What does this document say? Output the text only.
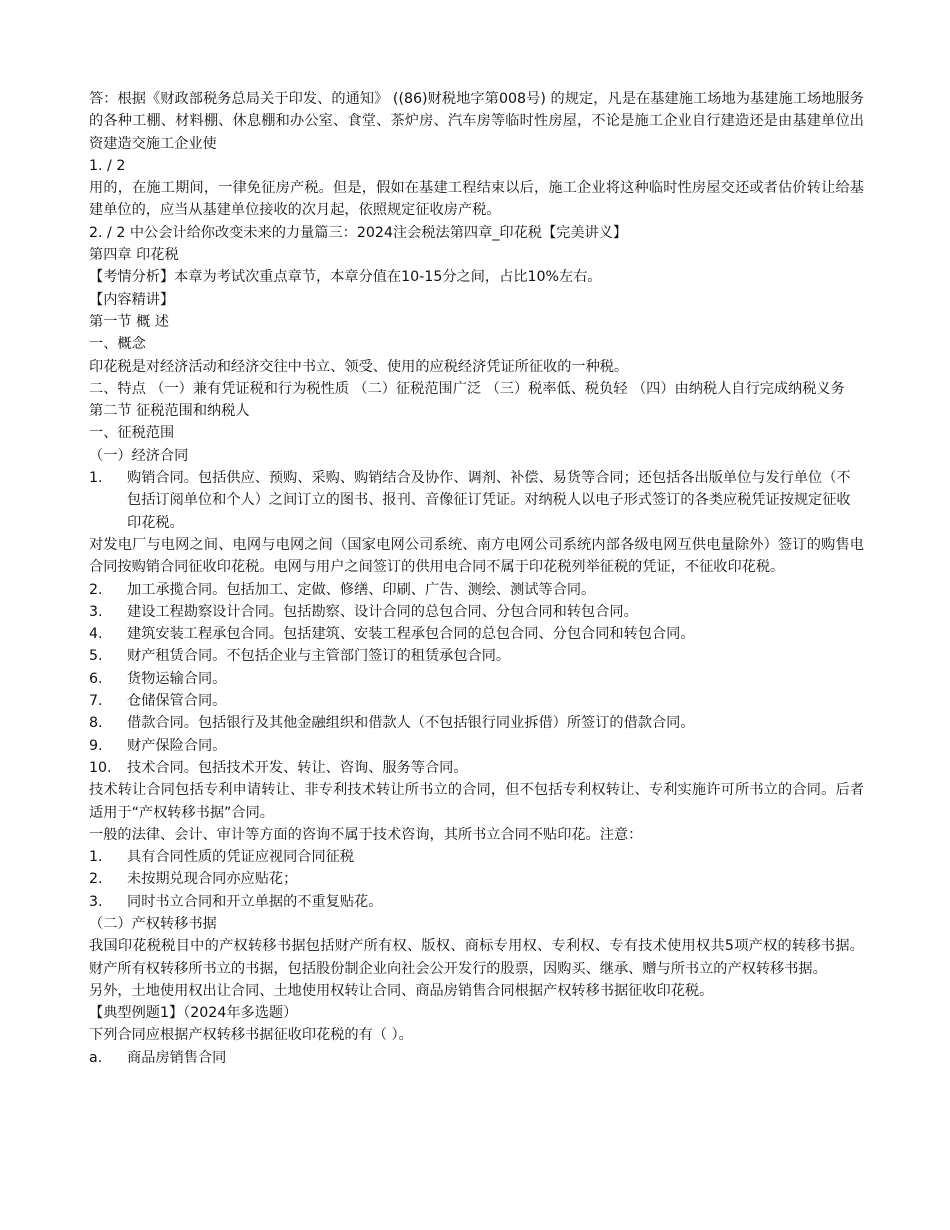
答：根据《财政部税务总局关于印发、的通知》 ((86)财税地字第008号) 的规定，凡是在基建施工场地为基建施工场地服务的各种工棚、材料棚、休息棚和办公室、食堂、茶炉房、汽车房等临时性房屋，不论是施工企业自行建造还是由基建单位出资建造交施工企业使
1. / 2
用的，在施工期间，一律免征房产税。但是，假如在基建工程结束以后，施工企业将这种临时性房屋交还或者估价转让给基建单位的，应当从基建单位接收的次月起，依照规定征收房产税。
2. / 2 中公会计给你改变未来的力量篇三：2024注会税法第四章_印花税【完美讲义】
第四章 印花税
【考情分析】本章为考试次重点章节，本章分值在10-15分之间，占比10%左右。
【内容精讲】
第一节 概 述
一、概念
印花税是对经济活动和经济交往中书立、领受、使用的应税经济凭证所征收的一种税。
二、特点 （一）兼有凭证税和行为税性质 （二）征税范围广泛 （三）税率低、税负轻 （四）由纳税人自行完成纳税义务
第二节 征税范围和纳税人
一、征税范围
（一）经济合同
1. 购销合同。包括供应、预购、采购、购销结合及协作、调剂、补偿、易货等合同；还包括各出版单位与发行单位（不包括订阅单位和个人）之间订立的图书、报刊、音像征订凭证。对纳税人以电子形式签订的各类应税凭证按规定征收印花税。
对发电厂与电网之间、电网与电网之间（国家电网公司系统、南方电网公司系统内部各级电网互供电量除外）签订的购售电合同按购销合同征收印花税。电网与用户之间签订的供用电合同不属于印花税列举征税的凭证，不征收印花税。
2. 加工承揽合同。包括加工、定做、修缮、印刷、广告、测绘、测试等合同。
3. 建设工程勘察设计合同。包括勘察、设计合同的总包合同、分包合同和转包合同。
4. 建筑安装工程承包合同。包括建筑、安装工程承包合同的总包合同、分包合同和转包合同。
5. 财产租赁合同。不包括企业与主管部门签订的租赁承包合同。
6. 货物运输合同。
7. 仓储保管合同。
8. 借款合同。包括银行及其他金融组织和借款人（不包括银行同业拆借）所签订的借款合同。
9. 财产保险合同。
10. 技术合同。包括技术开发、转让、咨询、服务等合同。
技术转让合同包括专利申请转让、非专利技术转让所书立的合同，但不包括专利权转让、专利实施许可所书立的合同。后者适用于“产权转移书据”合同。
一般的法律、会计、审计等方面的咨询不属于技术咨询，其所书立合同不贴印花。注意：
1. 具有合同性质的凭证应视同合同征税
2. 未按期兑现合同亦应贴花；
3. 同时书立合同和开立单据的不重复贴花。
（二）产权转移书据
我国印花税税目中的产权转移书据包括财产所有权、版权、商标专用权、专利权、专有技术使用权共5项产权的转移书据。财产所有权转移所书立的书据，包括股份制企业向社会公开发行的股票，因购买、继承、赠与所书立的产权转移书据。
另外，土地使用权出让合同、土地使用权转让合同、商品房销售合同根据产权转移书据征收印花税。
【典型例题1】（2024年多选题）
下列合同应根据产权转移书据征收印花税的有（ ）。
a. 商品房销售合同
